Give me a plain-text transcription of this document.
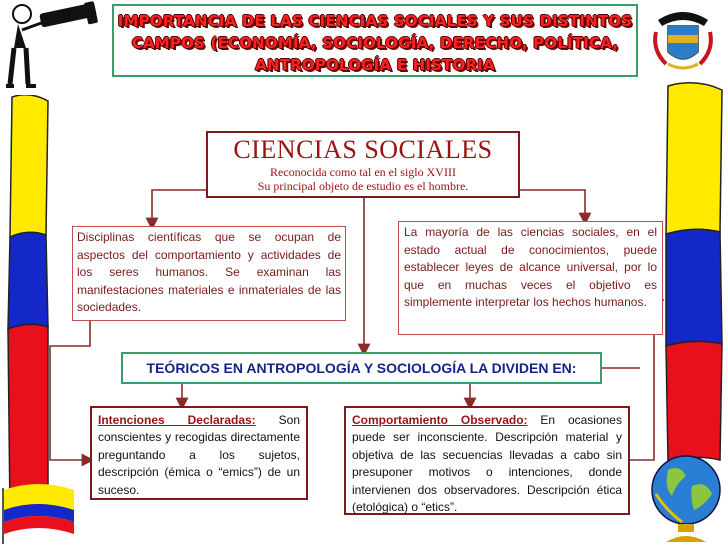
IMPORTANCIA DE LAS CIENCIAS SOCIALES Y SUS DISTINTOS
CAMPOS (ECONOMÍA, SOCIOLOGÍA, DERECHO, POLÍTICA,
ANTROPOLOGÍA E HISTORIA
CIENCIAS SOCIALES
Reconocida como tal en el siglo XVIII
Su principal objeto de estudio es el hombre.
Disciplinas científicas que se ocupan de aspectos del comportamiento y actividades de los seres humanos. Se examinan las manifestaciones materiales e inmateriales de las sociedades.
La mayoría de las ciencias sociales, en el estado actual de conocimientos, puede establecer leyes de alcance universal, por lo que en muchas veces el objetivo es simplemente interpretar los hechos humanos.
TEÓRICOS EN ANTROPOLOGÍA Y SOCIOLOGÍA LA DIVIDEN EN:
Intenciones Declaradas: Son conscientes y recogidas directamente preguntando a los sujetos, descripción (émica o “emics”) de un suceso.
Comportamiento Observado: En ocasiones puede ser inconsciente. Descripción material y objetiva de las secuencias llevadas a cabo sin presuponer motivos o intenciones, donde intervienen dos observadores. Descripción ética (etológica) o “etics”.
